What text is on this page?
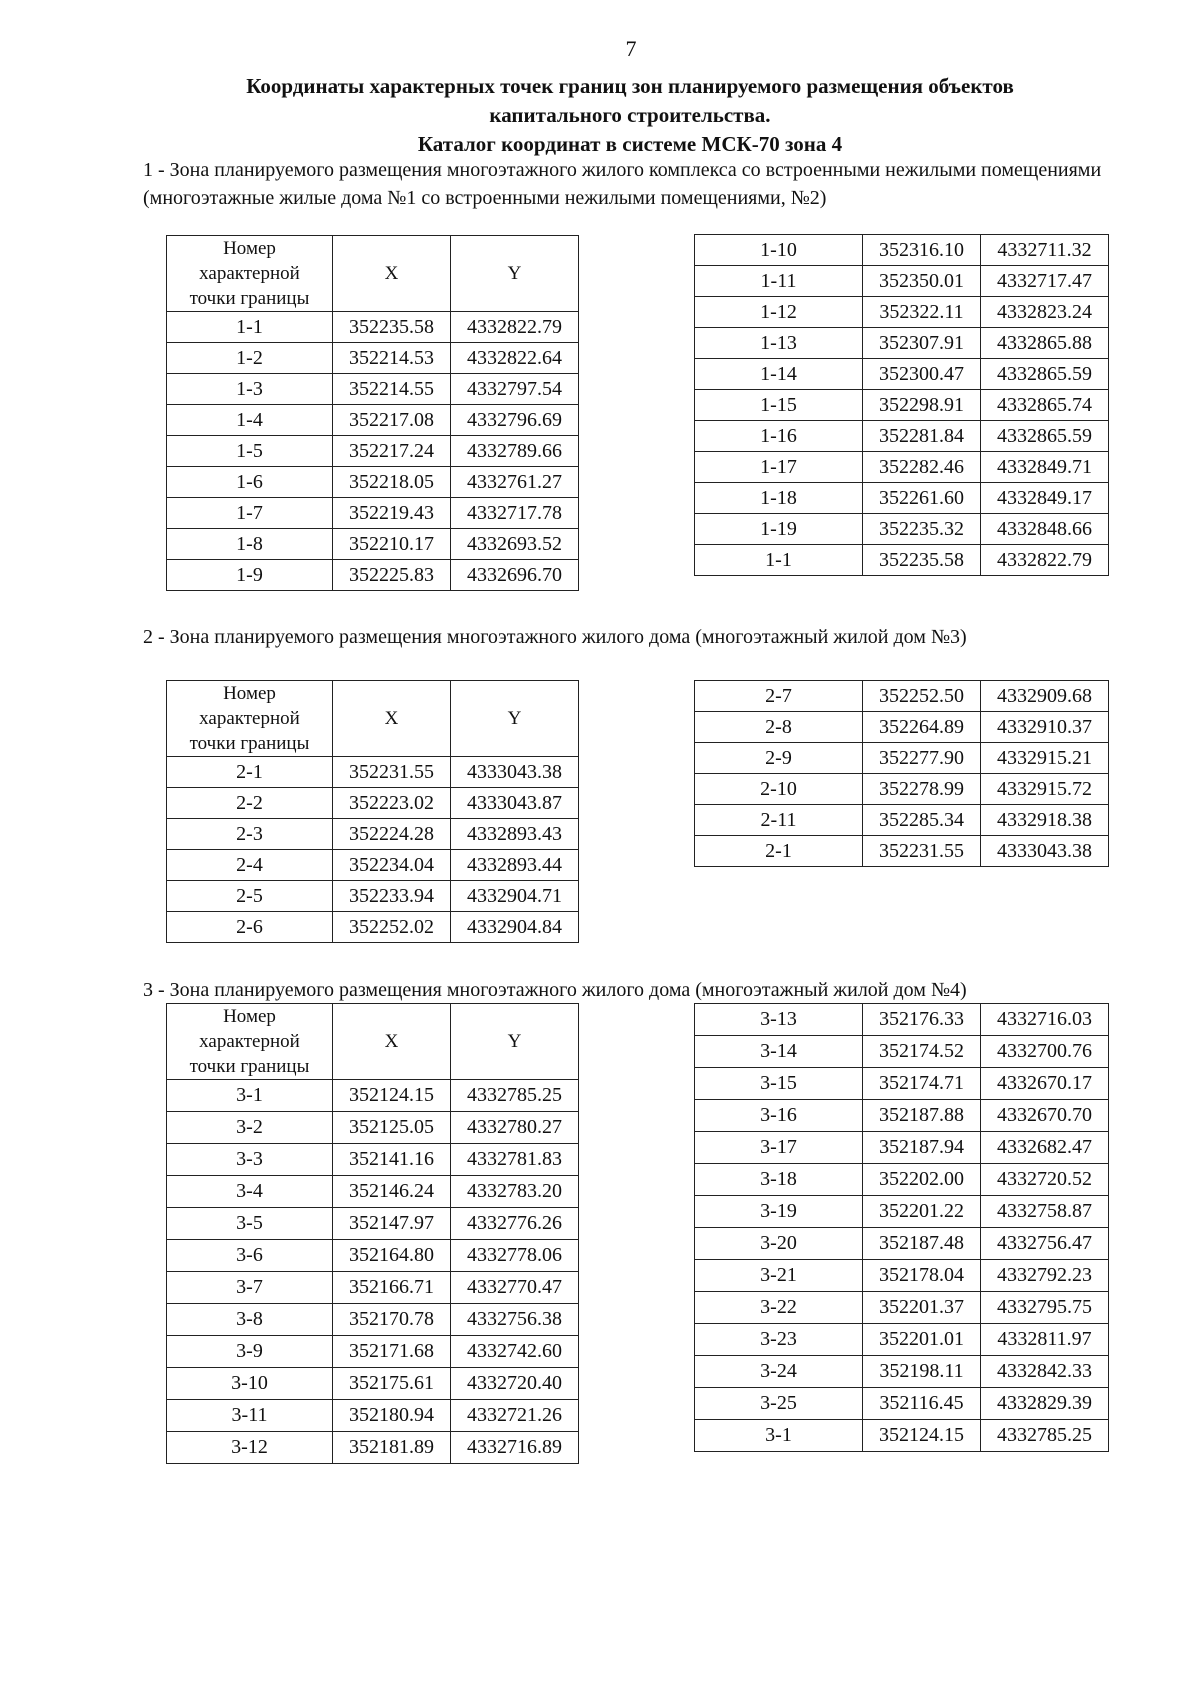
7
Координаты характерных точек границ зон планируемого размещения объектов
капитального строительства.
Каталог координат в системе МСК-70 зона 4
1 - Зона планируемого размещения многоэтажного жилого комплекса со встроенными нежилыми помещениями (многоэтажные жилые дома №1 со встроенными нежилыми помещениями, №2)
Номер
характерной
точки границы	X	Y
1-1	352235.58	4332822.79
1-2	352214.53	4332822.64
1-3	352214.55	4332797.54
1-4	352217.08	4332796.69
1-5	352217.24	4332789.66
1-6	352218.05	4332761.27
1-7	352219.43	4332717.78
1-8	352210.17	4332693.52
1-9	352225.83	4332696.70
1-10	352316.10	4332711.32
1-11	352350.01	4332717.47
1-12	352322.11	4332823.24
1-13	352307.91	4332865.88
1-14	352300.47	4332865.59
1-15	352298.91	4332865.74
1-16	352281.84	4332865.59
1-17	352282.46	4332849.71
1-18	352261.60	4332849.17
1-19	352235.32	4332848.66
1-1	352235.58	4332822.79
2 - Зона планируемого размещения многоэтажного жилого дома (многоэтажный жилой дом №3)
Номер
характерной
точки границы	X	Y
2-1	352231.55	4333043.38
2-2	352223.02	4333043.87
2-3	352224.28	4332893.43
2-4	352234.04	4332893.44
2-5	352233.94	4332904.71
2-6	352252.02	4332904.84
2-7	352252.50	4332909.68
2-8	352264.89	4332910.37
2-9	352277.90	4332915.21
2-10	352278.99	4332915.72
2-11	352285.34	4332918.38
2-1	352231.55	4333043.38
3 - Зона планируемого размещения многоэтажного жилого дома (многоэтажный жилой дом №4)
Номер
характерной
точки границы	X	Y
3-1	352124.15	4332785.25
3-2	352125.05	4332780.27
3-3	352141.16	4332781.83
3-4	352146.24	4332783.20
3-5	352147.97	4332776.26
3-6	352164.80	4332778.06
3-7	352166.71	4332770.47
3-8	352170.78	4332756.38
3-9	352171.68	4332742.60
3-10	352175.61	4332720.40
3-11	352180.94	4332721.26
3-12	352181.89	4332716.89
3-13	352176.33	4332716.03
3-14	352174.52	4332700.76
3-15	352174.71	4332670.17
3-16	352187.88	4332670.70
3-17	352187.94	4332682.47
3-18	352202.00	4332720.52
3-19	352201.22	4332758.87
3-20	352187.48	4332756.47
3-21	352178.04	4332792.23
3-22	352201.37	4332795.75
3-23	352201.01	4332811.97
3-24	352198.11	4332842.33
3-25	352116.45	4332829.39
3-1	352124.15	4332785.25
